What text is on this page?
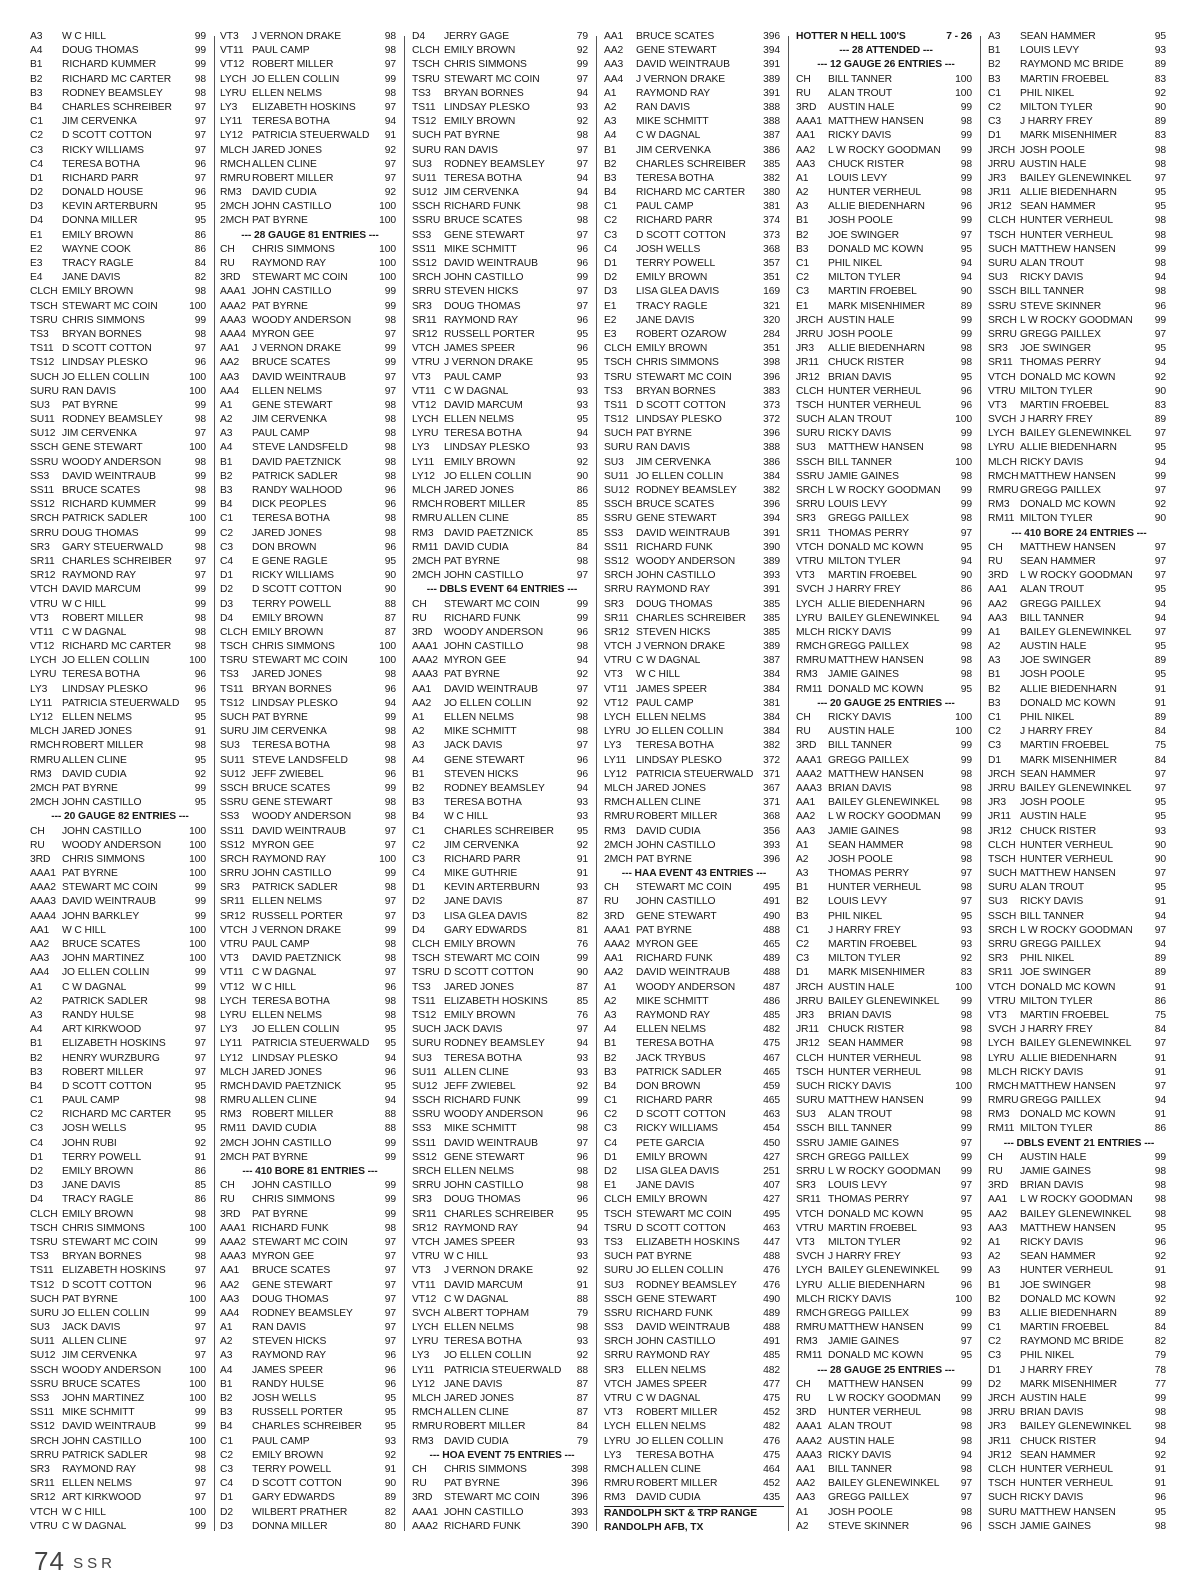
A3 W C HILL	99
A4 DOUG THOMAS	99
B1 RICHARD KUMMER	99
B2 RICHARD MC CARTER 98
B3 RODNEY BEAMSLEY	98
B4 CHARLES SCHREIBER 97
C1 JIM CERVENKA	97
C2 D SCOTT COTTON	97
C3 RICKY WILLIAMS	97
C4 TERESA BOTHA	96
D1 RICHARD PARR	97
D2 DONALD HOUSE	96
D3 KEVIN ARTERBURN	95
D4 DONNA MILLER	95
E1 EMILY BROWN	86
E2 WAYNE COOK	86
E3 TRACY RAGLE	84
E4 JANE DAVIS	82
CLCH EMILY BROWN	98
TSCH STEWART MC COIN	100
TSRU CHRIS SIMMONS	99
TS3 BRYAN BORNES	98
TS11 D SCOTT COTTON	97
TS12 LINDSAY PLESKO	96
SUCH JO ELLEN COLLIN	100
SURU RAN DAVIS	100
SU3 PAT BYRNE	99
SU11 RODNEY BEAMSLEY	98
SU12 JIM CERVENKA	97
SSCH GENE STEWART	100
SSRU WOODY ANDERSON	98
SS3 DAVID WEINTRAUB	99
SS11 BRUCE SCATES	98
SS12 RICHARD KUMMER	99
SRCH PATRICK SADLER	100
SRRU DOUG THOMAS	99
SR3 GARY STEUERWALD	98
SR11 CHARLES SCHREIBER 97
SR12 RAYMOND RAY	97
VTCH DAVID MARCUM	99
VTRU W C HILL	99
VT3 ROBERT MILLER	98
VT11 C W DAGNAL	98
VT12 RICHARD MC CARTER 98
LYCH JO ELLEN COLLIN	100
LYRU TERESA BOTHA	96
LY3 LINDSAY PLESKO	96
LY11 PATRICIA STEUERWALD 95
LY12 ELLEN NELMS	95
MLCH JARED JONES	91
RMCH ROBERT MILLER	98
RMRU ALLEN CLINE	95
RM3 DAVID CUDIA	92
2MCH PAT BYRNE	99
2MCH JOHN CASTILLO	95
--- 20 GAUGE 82 ENTRIES ---
CH JOHN CASTILLO	100
RU WOODY ANDERSON	100
3RD CHRIS SIMMONS	100
AAA1 PAT BYRNE	100
AAA2 STEWART MC COIN	99
AAA3 DAVID WEINTRAUB	99
AAA4 JOHN BARKLEY	99
AA1 W C HILL	100
AA2 BRUCE SCATES	100
AA3 JOHN MARTINEZ	100
AA4 JO ELLEN COLLIN	99
A1 C W DAGNAL	99
A2 PATRICK SADLER	98
A3 RANDY HULSE	98
A4 ART KIRKWOOD	97
B1 ELIZABETH HOSKINS	97
B2 HENRY WURZBURG	97
B3 ROBERT MILLER	97
B4 D SCOTT COTTON	95
C1 PAUL CAMP	98
C2 RICHARD MC CARTER 95
C3 JOSH WELLS	95
C4 JOHN RUBI	92
D1 TERRY POWELL	91
D2 EMILY BROWN	86
D3 JANE DAVIS	85
D4 TRACY RAGLE	86
CLCH EMILY BROWN	98
TSCH CHRIS SIMMONS	100
TSRU STEWART MC COIN	99
TS3 BRYAN BORNES	98
TS11 ELIZABETH HOSKINS	97
TS12 D SCOTT COTTON	96
SUCH PAT BYRNE	100
SURU JO ELLEN COLLIN	99
SU3 JACK DAVIS	97
SU11 ALLEN CLINE	97
SU12 JIM CERVENKA	97
SSCH WOODY ANDERSON	100
SSRU BRUCE SCATES	100
SS3 JOHN MARTINEZ	100
SS11 MIKE SCHMITT	99
SS12 DAVID WEINTRAUB	99
SRCH JOHN CASTILLO	100
SRRU PATRICK SADLER	98
SR3 RAYMOND RAY	98
SR11 ELLEN NELMS	97
SR12 ART KIRKWOOD	97
VTCH W C HILL	100
VTRU C W DAGNAL	99
VT3 J VERNON DRAKE	98
VT11 PAUL CAMP	98
VT12 ROBERT MILLER	97
LYCH JO ELLEN COLLIN	99
LYRU ELLEN NELMS	98
LY3 ELIZABETH HOSKINS	97
LY11 TERESA BOTHA	94
LY12 PATRICIA STEUERWALD 91
MLCH JARED JONES	92
RMCH ALLEN CLINE	97
RMRU ROBERT MILLER	97
RM3 DAVID CUDIA	92
2MCH JOHN CASTILLO	100
2MCH PAT BYRNE	100
--- 28 GAUGE 81 ENTRIES ---
CH CHRIS SIMMONS	100
RU RAYMOND RAY	100
3RD STEWART MC COIN	100
AAA1 JOHN CASTILLO	99
AAA2 PAT BYRNE	99
AAA3 WOODY ANDERSON	98
AAA4 MYRON GEE	97
AA1 J VERNON DRAKE	99
AA2 BRUCE SCATES	99
AA3 DAVID WEINTRAUB	97
AA4 ELLEN NELMS	97
A1 GENE STEWART	98
A2 JIM CERVENKA	98
A3 PAUL CAMP	98
A4 STEVE LANDSFELD	98
B1 DAVID PAETZNICK	98
B2 PATRICK SADLER	98
B3 RANDY WALHOOD	96
B4 DICK PEOPLES	96
C1 TERESA BOTHA	98
C2 JARED JONES	98
C3 DON BROWN	96
C4 E GENE RAGLE	95
D1 RICKY WILLIAMS	90
D2 D SCOTT COTTON	90
D3 TERRY POWELL	88
D4 EMILY BROWN	87
CLCH EMILY BROWN	87
TSCH CHRIS SIMMONS	100
TSRU STEWART MC COIN	100
TS3 JARED JONES	98
TS11 BRYAN BORNES	96
TS12 LINDSAY PLESKO	94
SUCH PAT BYRNE	99
SURU JIM CERVENKA	98
SU3 TERESA BOTHA	98
SU11 STEVE LANDSFELD	98
SU12 JEFF ZWIEBEL	96
SSCH BRUCE SCATES	99
SSRU GENE STEWART	98
SS3 WOODY ANDERSON	98
SS11 DAVID WEINTRAUB	97
SS12 MYRON GEE	97
SRCH RAYMOND RAY	100
SRRU JOHN CASTILLO	99
SR3 PATRICK SADLER	98
SR11 ELLEN NELMS	97
SR12 RUSSELL PORTER	97
VTCH J VERNON DRAKE	99
VTRU PAUL CAMP	98
VT3 DAVID PAETZNICK	98
VT11 C W DAGNAL	97
VT12 W C HILL	96
LYCH TERESA BOTHA	98
LYRU ELLEN NELMS	98
LY3 JO ELLEN COLLIN	95
LY11 PATRICIA STEUERWALD 95
LY12 LINDSAY PLESKO	94
MLCH JARED JONES	96
RMCH DAVID PAETZNICK	95
RMRU ALLEN CLINE	94
RM3 ROBERT MILLER	88
RM11 DAVID CUDIA	88
2MCH JOHN CASTILLO	99
2MCH PAT BYRNE	99
--- 410 BORE 81 ENTRIES ---
CH JOHN CASTILLO	99
RU CHRIS SIMMONS	99
3RD PAT BYRNE	99
AAA1 RICHARD FUNK	98
AAA2 STEWART MC COIN	97
AAA3 MYRON GEE	97
AA1 BRUCE SCATES	97
AA2 GENE STEWART	97
AA3 DOUG THOMAS	97
AA4 RODNEY BEAMSLEY	97
A1 RAN DAVIS	97
A2 STEVEN HICKS	97
A3 RAYMOND RAY	96
A4 JAMES SPEER	96
B1 RANDY HULSE	96
B2 JOSH WELLS	95
B3 RUSSELL PORTER	95
B4 CHARLES SCHREIBER 95
C1 PAUL CAMP	93
C2 EMILY BROWN	92
C3 TERRY POWELL	91
C4 D SCOTT COTTON	90
D1 GARY EDWARDS	89
D2 WILBERT PRATHER	82
D3 DONNA MILLER	80
D4 JERRY GAGE	79
CLCH EMILY BROWN	92
TSCH CHRIS SIMMONS	99
TSRU STEWART MC COIN	97
TS3 BRYAN BORNES	94
TS11 LINDSAY PLESKO	93
TS12 EMILY BROWN	92
SUCH PAT BYRNE	98
SURU RAN DAVIS	97
SU3 RODNEY BEAMSLEY	97
SU11 TERESA BOTHA	94
SU12 JIM CERVENKA	94
SSCH RICHARD FUNK	98
SSRU BRUCE SCATES	98
SS3 GENE STEWART	97
SS11 MIKE SCHMITT	96
SS12 DAVID WEINTRAUB	96
SRCH JOHN CASTILLO	99
SRRU STEVEN HICKS	97
SR3 DOUG THOMAS	97
SR11 RAYMOND RAY	96
SR12 RUSSELL PORTER	95
VTCH JAMES SPEER	96
VTRU J VERNON DRAKE	95
VT3 PAUL CAMP	93
VT11 C W DAGNAL	93
VT12 DAVID MARCUM	93
LYCH ELLEN NELMS	95
LYRU TERESA BOTHA	94
LY3 LINDSAY PLESKO	93
LY11 EMILY BROWN	92
LY12 JO ELLEN COLLIN	90
MLCH JARED JONES	86
RMCH ROBERT MILLER	85
RMRU ALLEN CLINE	85
RM3 DAVID PAETZNICK	85
RM11 DAVID CUDIA	84
2MCH PAT BYRNE	98
2MCH JOHN CASTILLO	97
--- DBLS EVENT 64 ENTRIES ---
CH STEWART MC COIN	99
RU RICHARD FUNK	99
3RD WOODY ANDERSON	96
AAA1 JOHN CASTILLO	98
AAA2 MYRON GEE	94
AAA3 PAT BYRNE	92
AA1 DAVID WEINTRAUB	97
AA2 JO ELLEN COLLIN	92
A1 ELLEN NELMS	98
A2 MIKE SCHMITT	98
A3 JACK DAVIS	97
A4 GENE STEWART	96
B1 STEVEN HICKS	96
B2 RODNEY BEAMSLEY	94
B3 TERESA BOTHA	93
B4 W C HILL	93
C1 CHARLES SCHREIBER 95
C2 JIM CERVENKA	92
C3 RICHARD PARR	91
C4 MIKE GUTHRIE	91
D1 KEVIN ARTERBURN	93
D2 JANE DAVIS	87
D3 LISA GLEA DAVIS	82
D4 GARY EDWARDS	81
CLCH EMILY BROWN	76
TSCH STEWART MC COIN	99
TSRU D SCOTT COTTON	90
TS3 JARED JONES	87
TS11 ELIZABETH HOSKINS	85
TS12 EMILY BROWN	76
SUCH JACK DAVIS	97
SURU RODNEY BEAMSLEY	94
SU3 TERESA BOTHA	93
SU11 ALLEN CLINE	93
SU12 JEFF ZWIEBEL	92
SSCH RICHARD FUNK	99
SSRU WOODY ANDERSON	96
SS3 MIKE SCHMITT	98
SS11 DAVID WEINTRAUB	97
SS12 GENE STEWART	96
SRCH ELLEN NELMS	98
SRRU JOHN CASTILLO	98
SR3 DOUG THOMAS	96
SR11 CHARLES SCHREIBER 95
SR12 RAYMOND RAY	94
VTCH JAMES SPEER	93
VTRU W C HILL	93
VT3 J VERNON DRAKE	92
VT11 DAVID MARCUM	91
VT12 C W DAGNAL	88
SVCH ALBERT TOPHAM	79
LYCH ELLEN NELMS	98
LYRU TERESA BOTHA	93
LY3 JO ELLEN COLLIN	92
LY11 PATRICIA STEUERWALD 88
LY12 JANE DAVIS	87
MLCH JARED JONES	87
RMCH ALLEN CLINE	87
RMRU ROBERT MILLER	84
RM3 DAVID CUDIA	79
--- HOA EVENT 75 ENTRIES ---
CH CHRIS SIMMONS	398
RU PAT BYRNE	396
3RD STEWART MC COIN	396
AAA1 JOHN CASTILLO	393
AAA2 RICHARD FUNK	390
AA1 BRUCE SCATES	396
AA2 GENE STEWART	394
AA3 DAVID WEINTRAUB	391
AA4 J VERNON DRAKE	389
A1 RAYMOND RAY	391
A2 RAN DAVIS	388
A3 MIKE SCHMITT	388
A4 C W DAGNAL	387
B1 JIM CERVENKA	386
B2 CHARLES SCHREIBER 385
B3 TERESA BOTHA	382
B4 RICHARD MC CARTER 380
C1 PAUL CAMP	381
C2 RICHARD PARR	374
C3 D SCOTT COTTON	373
C4 JOSH WELLS	368
D1 TERRY POWELL	357
D2 EMILY BROWN	351
D3 LISA GLEA DAVIS	169
E1 TRACY RAGLE	321
E2 JANE DAVIS	320
E3 ROBERT OZAROW	284
CLCH EMILY BROWN	351
TSCH CHRIS SIMMONS	398
TSRU STEWART MC COIN	396
TS3 BRYAN BORNES	383
TS11 D SCOTT COTTON	373
TS12 LINDSAY PLESKO	372
SUCH PAT BYRNE	396
SURU RAN DAVIS	388
SU3 JIM CERVENKA	386
SU11 JO ELLEN COLLIN	384
SU12 RODNEY BEAMSLEY	382
SSCH BRUCE SCATES	396
SSRU GENE STEWART	394
SS3 DAVID WEINTRAUB	391
SS11 RICHARD FUNK	390
SS12 WOODY ANDERSON	389
SRCH JOHN CASTILLO	393
SRRU RAYMOND RAY	391
SR3 DOUG THOMAS	385
SR11 CHARLES SCHREIBER 385
SR12 STEVEN HICKS	385
VTCH J VERNON DRAKE	389
VTRU C W DAGNAL	387
VT3 W C HILL	384
VT11 JAMES SPEER	384
VT12 PAUL CAMP	381
LYCH ELLEN NELMS	384
LYRU JO ELLEN COLLIN	384
LY3 TERESA BOTHA	382
LY11 LINDSAY PLESKO	372
LY12 PATRICIA STEUERWALD 371
MLCH JARED JONES	367
RMCH ALLEN CLINE	371
RMRU ROBERT MILLER	368
RM3 DAVID CUDIA	356
2MCH JOHN CASTILLO	393
2MCH PAT BYRNE	396
--- HAA EVENT 43 ENTRIES ---
CH STEWART MC COIN	495
RU JOHN CASTILLO	491
3RD GENE STEWART	490
AAA1 PAT BYRNE	488
AAA2 MYRON GEE	465
AA1 RICHARD FUNK	489
AA2 DAVID WEINTRAUB	488
A1 WOODY ANDERSON	487
A2 MIKE SCHMITT	486
A3 RAYMOND RAY	485
A4 ELLEN NELMS	482
B1 TERESA BOTHA	475
B2 JACK TRYBUS	467
B3 PATRICK SADLER	465
B4 DON BROWN	459
C1 RICHARD PARR	465
C2 D SCOTT COTTON	463
C3 RICKY WILLIAMS	454
C4 PETE GARCIA	450
D1 EMILY BROWN	427
D2 LISA GLEA DAVIS	251
E1 JANE DAVIS	407
CLCH EMILY BROWN	427
TSCH STEWART MC COIN	495
TSRU D SCOTT COTTON	463
TS3 ELIZABETH HOSKINS 447
SUCH PAT BYRNE	488
SURU JO ELLEN COLLIN	476
SU3 RODNEY BEAMSLEY	476
SSCH GENE STEWART	490
SSRU RICHARD FUNK	489
SS3 DAVID WEINTRAUB	488
SRCH JOHN CASTILLO	491
SRRU RAYMOND RAY	485
SR3 ELLEN NELMS	482
VTCH JAMES SPEER	477
VTRU C W DAGNAL	475
VT3 ROBERT MILLER	452
LYCH ELLEN NELMS	482
LYRU JO ELLEN COLLIN	476
LY3 TERESA BOTHA	475
RMCH ALLEN CLINE	464
RMRU ROBERT MILLER	452
RM3 DAVID CUDIA	435
RANDOLPH SKT & TRP RANGE
RANDOLPH AFB, TX
HOTTER N HELL 100'S	7 - 26
--- 28 ATTENDED ---
--- 12 GAUGE 26 ENTRIES ---
CH BILL TANNER	100
RU ALAN TROUT	100
3RD AUSTIN HALE	99
AAA1 MATTHEW HANSEN	98
AA1 RICKY DAVIS	99
AA2 L W ROCKY GOODMAN 99
AA3 CHUCK RISTER	98
A1 LOUIS LEVY	99
A2 HUNTER VERHEUL	98
A3 ALLIE BIEDENHARN	96
B1 JOSH POOLE	99
B2 JOE SWINGER	97
B3 DONALD MC KOWN	95
C1 PHIL NIKEL	94
C2 MILTON TYLER	94
C3 MARTIN FROEBEL	90
E1 MARK MISENHIMER	89
JRCH AUSTIN HALE	99
JRRU JOSH POOLE	99
JR3 ALLIE BIEDENHARN	98
JR11 CHUCK RISTER	98
JR12 BRIAN DAVIS	95
CLCH HUNTER VERHEUL	96
TSCH HUNTER VERHEUL	96
SUCH ALAN TROUT	100
SURU RICKY DAVIS	99
SU3 MATTHEW HANSEN	98
SSCH BILL TANNER	100
SSRU JAMIE GAINES	98
SRCH L W ROCKY GOODMAN 99
SRRU LOUIS LEVY	99
SR3 GREGG PAILLEX	98
SR11 THOMAS PERRY	97
VTCH DONALD MC KOWN	95
VTRU MILTON TYLER	94
VT3 MARTIN FROEBEL	90
SVCH J HARRY FREY	86
LYCH ALLIE BIEDENHARN	96
LYRU BAILEY GLENEWINKEL 94
MLCH RICKY DAVIS	99
RMCH GREGG PAILLEX	98
RMRU MATTHEW HANSEN	98
RM3 JAMIE GAINES	98
RM11 DONALD MC KOWN	95
--- 20 GAUGE 25 ENTRIES ---
CH RICKY DAVIS	100
RU AUSTIN HALE	100
3RD BILL TANNER	99
AAA1 GREGG PAILLEX	99
AAA2 MATTHEW HANSEN	98
AAA3 BRIAN DAVIS	98
AA1 BAILEY GLENEWINKEL 98
AA2 L W ROCKY GOODMAN 99
AA3 JAMIE GAINES	98
A1 SEAN HAMMER	98
A2 JOSH POOLE	98
A3 THOMAS PERRY	97
B1 HUNTER VERHEUL	98
B2 LOUIS LEVY	97
B3 PHIL NIKEL	95
C1 J HARRY FREY	93
C2 MARTIN FROEBEL	93
C3 MILTON TYLER	92
D1 MARK MISENHIMER	83
JRCH AUSTIN HALE	100
JRRU BAILEY GLENEWINKEL 99
JR3 BRIAN DAVIS	98
JR11 CHUCK RISTER	98
JR12 SEAN HAMMER	98
CLCH HUNTER VERHEUL	98
TSCH HUNTER VERHEUL	98
SUCH RICKY DAVIS	100
SURU MATTHEW HANSEN	99
SU3 ALAN TROUT	98
SSCH BILL TANNER	99
SSRU JAMIE GAINES	97
SRCH GREGG PAILLEX	99
SRRU L W ROCKY GOODMAN 99
SR3 LOUIS LEVY	97
SR11 THOMAS PERRY	97
VTCH DONALD MC KOWN	95
VTRU MARTIN FROEBEL	93
VT3 MILTON TYLER	92
SVCH J HARRY FREY	93
LYCH BAILEY GLENEWINKEL 99
LYRU ALLIE BIEDENHARN	96
MLCH RICKY DAVIS	100
RMCH GREGG PAILLEX	99
RMRU MATTHEW HANSEN	99
RM3 JAMIE GAINES	97
RM11 DONALD MC KOWN	95
--- 28 GAUGE 25 ENTRIES ---
CH MATTHEW HANSEN	99
RU L W ROCKY GOODMAN 99
3RD HUNTER VERHEUL	98
AAA1 ALAN TROUT	98
AAA2 AUSTIN HALE	98
AAA3 RICKY DAVIS	94
AA1 BILL TANNER	98
AA2 BAILEY GLENEWINKEL 97
AA3 GREGG PAILLEX	97
A1 JOSH POOLE	98
A2 STEVE SKINNER	96
A3 SEAN HAMMER	95
B1 LOUIS LEVY	93
B2 RAYMOND MC BRIDE	89
B3 MARTIN FROEBEL	83
C1 PHIL NIKEL	92
C2 MILTON TYLER	90
C3 J HARRY FREY	89
D1 MARK MISENHIMER	83
JRCH JOSH POOLE	98
JRRU AUSTIN HALE	98
JR3 BAILEY GLENEWINKEL 97
JR11 ALLIE BIEDENHARN	95
JR12 SEAN HAMMER	95
CLCH HUNTER VERHEUL	98
TSCH HUNTER VERHEUL	98
SUCH MATTHEW HANSEN	99
SURU ALAN TROUT	98
SU3 RICKY DAVIS	94
SSCH BILL TANNER	98
SSRU STEVE SKINNER	96
SRCH L W ROCKY GOODMAN 99
SRRU GREGG PAILLEX	97
SR3 JOE SWINGER	95
SR11 THOMAS PERRY	94
VTCH DONALD MC KOWN	92
VTRU MILTON TYLER	90
VT3 MARTIN FROEBEL	83
SVCH J HARRY FREY	89
LYCH BAILEY GLENEWINKEL 97
LYRU ALLIE BIEDENHARN	95
MLCH RICKY DAVIS	94
RMCH MATTHEW HANSEN	99
RMRU GREGG PAILLEX	97
RM3 DONALD MC KOWN	92
RM11 MILTON TYLER	90
--- 410 BORE 24 ENTRIES ---
CH MATTHEW HANSEN	97
RU SEAN HAMMER	97
3RD L W ROCKY GOODMAN 97
AA1 ALAN TROUT	95
AA2 GREGG PAILLEX	94
AA3 BILL TANNER	94
A1 BAILEY GLENEWINKEL 97
A2 AUSTIN HALE	95
A3 JOE SWINGER	89
B1 JOSH POOLE	95
B2 ALLIE BIEDENHARN	91
B3 DONALD MC KOWN	91
C1 PHIL NIKEL	89
C2 J HARRY FREY	84
C3 MARTIN FROEBEL	75
D1 MARK MISENHIMER	84
JRCH SEAN HAMMER	97
JRRU BAILEY GLENEWINKEL 97
JR3 JOSH POOLE	95
JR11 AUSTIN HALE	95
JR12 CHUCK RISTER	93
CLCH HUNTER VERHEUL	90
TSCH HUNTER VERHEUL	90
SUCH MATTHEW HANSEN	97
SURU ALAN TROUT	95
SU3 RICKY DAVIS	91
SSCH BILL TANNER	94
SRCH L W ROCKY GOODMAN 97
SRRU GREGG PAILLEX	94
SR3 PHIL NIKEL	89
SR11 JOE SWINGER	89
VTCH DONALD MC KOWN	91
VTRU MILTON TYLER	86
VT3 MARTIN FROEBEL	75
SVCH J HARRY FREY	84
LYCH BAILEY GLENEWINKEL 97
LYRU ALLIE BIEDENHARN	91
MLCH RICKY DAVIS	91
RMCH MATTHEW HANSEN	97
RMRU GREGG PAILLEX	94
RM3 DONALD MC KOWN	91
RM11 MILTON TYLER	86
--- DBLS EVENT 21 ENTRIES ---
CH AUSTIN HALE	99
RU JAMIE GAINES	98
3RD BRIAN DAVIS	98
AA1 L W ROCKY GOODMAN 98
AA2 BAILEY GLENEWINKEL 98
AA3 MATTHEW HANSEN	95
A1 RICKY DAVIS	96
A2 SEAN HAMMER	92
A3 HUNTER VERHEUL	91
B1 JOE SWINGER	98
B2 DONALD MC KOWN	92
B3 ALLIE BIEDENHARN	89
C1 MARTIN FROEBEL	84
C2 RAYMOND MC BRIDE	82
C3 PHIL NIKEL	79
D1 J HARRY FREY	78
D2 MARK MISENHIMER	77
JRCH AUSTIN HALE	99
JRRU BRIAN DAVIS	98
JR3 BAILEY GLENEWINKEL 98
JR11 CHUCK RISTER	94
JR12 SEAN HAMMER	92
CLCH HUNTER VERHEUL	91
TSCH HUNTER VERHEUL	91
SUCH RICKY DAVIS	96
SURU MATTHEW HANSEN	95
SSCH JAMIE GAINES	98
74 SSR
